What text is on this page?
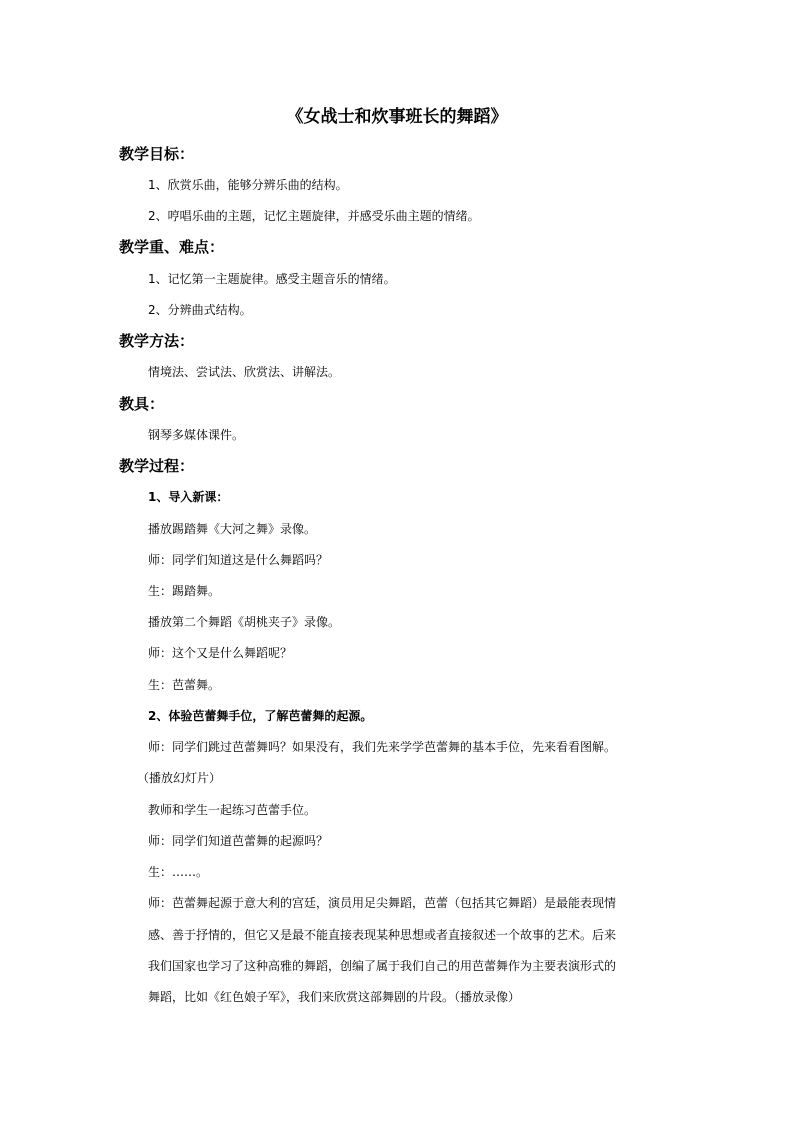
《女战士和炊事班长的舞蹈》
教学目标：
1、欣赏乐曲，能够分辨乐曲的结构。
2、哼唱乐曲的主题，记忆主题旋律，并感受乐曲主题的情绪。
教学重、难点：
1、记忆第一主题旋律。感受主题音乐的情绪。
2、分辨曲式结构。
教学方法：
情境法、尝试法、欣赏法、讲解法。
教具：
钢琴多媒体课件。
教学过程：
1、导入新课：
播放踢踏舞《大河之舞》录像。
师：同学们知道这是什么舞蹈吗？
生：踢踏舞。
播放第二个舞蹈《胡桃夹子》录像。
师：这个又是什么舞蹈呢？
生：芭蕾舞。
2、体验芭蕾舞手位，了解芭蕾舞的起源。
师：同学们跳过芭蕾舞吗？如果没有，我们先来学学芭蕾舞的基本手位，先来看看图解。
（播放幻灯片）
教师和学生一起练习芭蕾手位。
师：同学们知道芭蕾舞的起源吗？
生：……。
师：芭蕾舞起源于意大利的宫廷，演员用足尖舞蹈，芭蕾（包括其它舞蹈）是最能表现情
感、善于抒情的，但它又是最不能直接表现某种思想或者直接叙述一个故事的艺术。后来
我们国家也学习了这种高雅的舞蹈，创编了属于我们自己的用芭蕾舞作为主要表演形式的
舞蹈，比如《红色娘子军》，我们来欣赏这部舞剧的片段。（播放录像）
